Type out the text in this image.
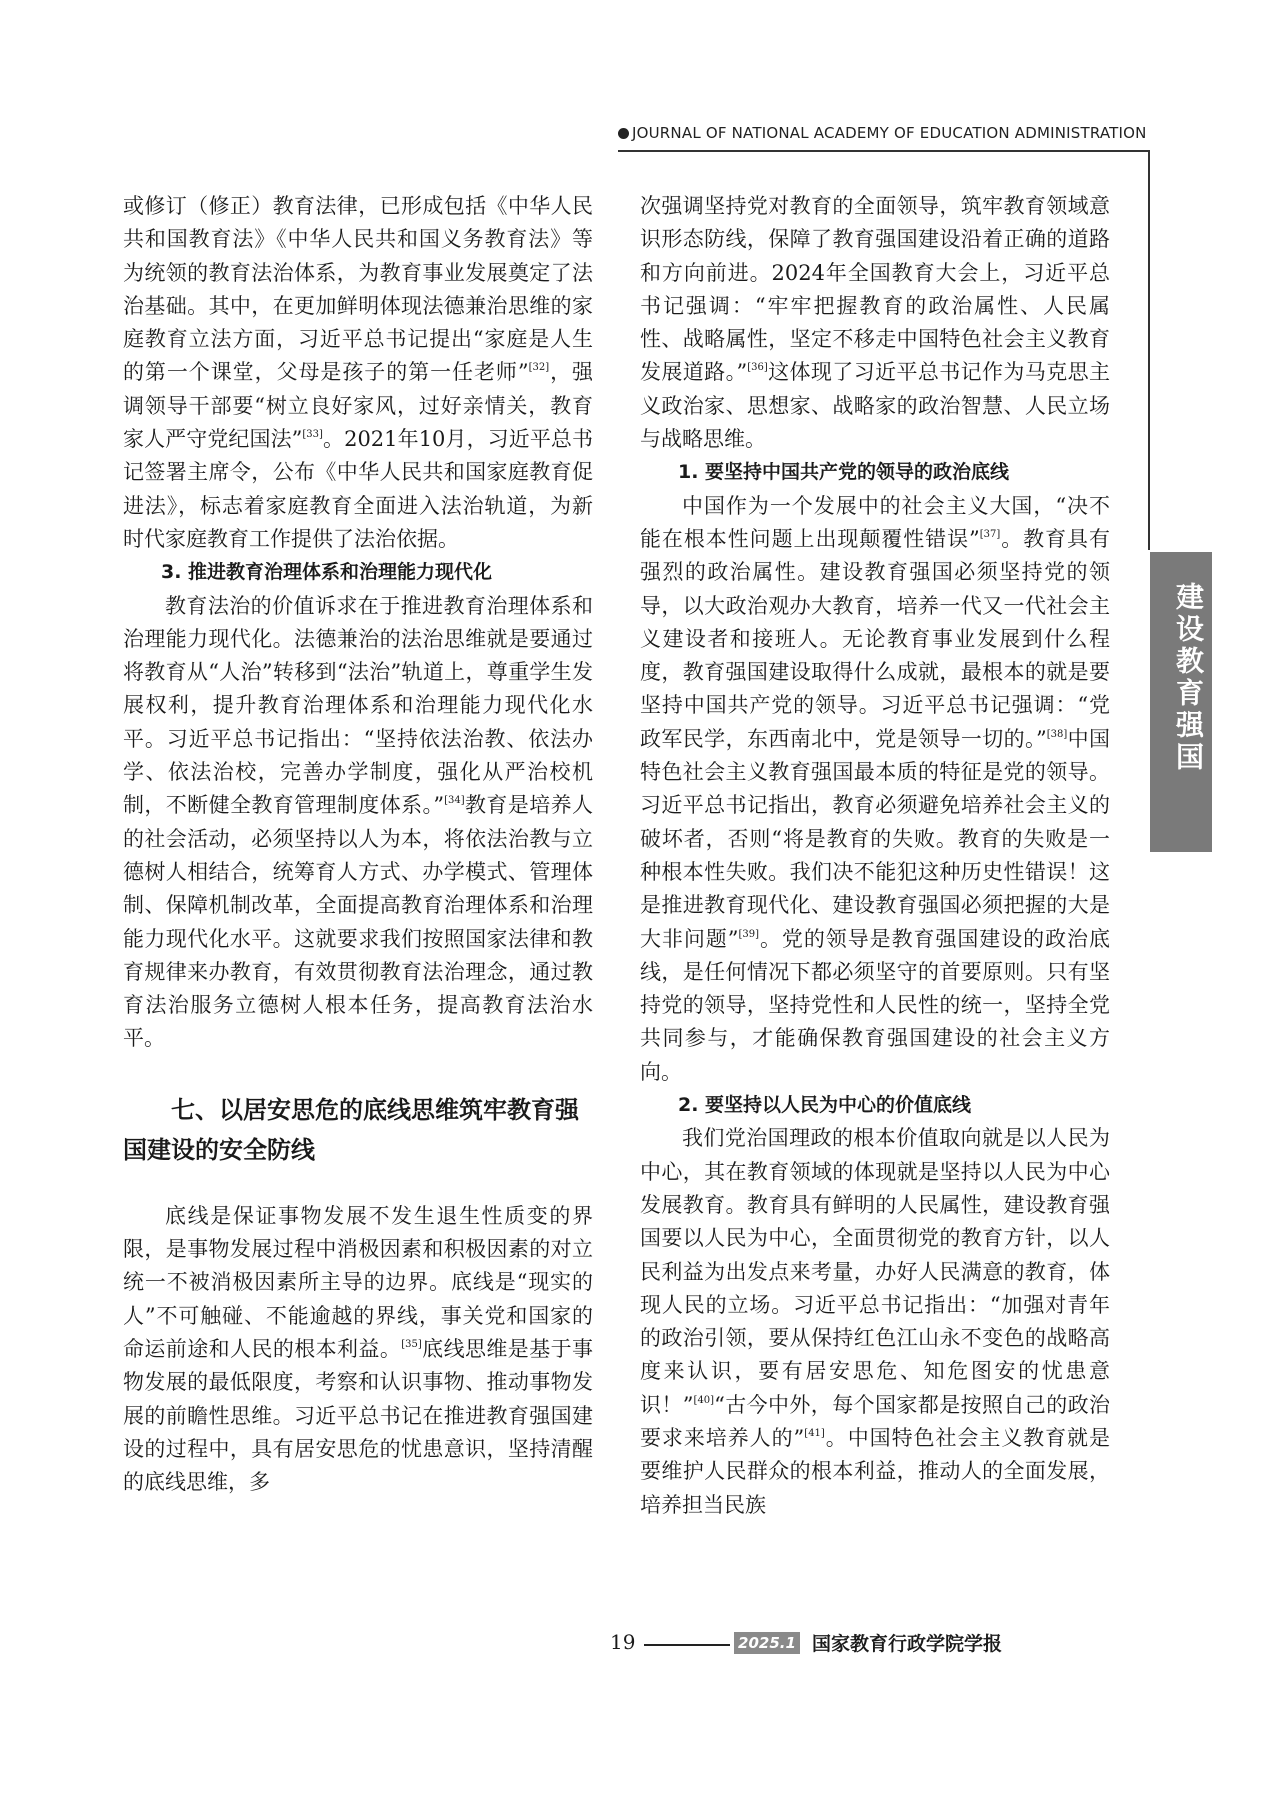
JOURNAL OF NATIONAL ACADEMY OF EDUCATION ADMINISTRATION
建设教育强国

或修订（修正）教育法律，已形成包括《中华人民共和国教育法》《中华人民共和国义务教育法》等为统领的教育法治体系，为教育事业发展奠定了法治基础。其中，在更加鲜明体现法德兼治思维的家庭教育立法方面，习近平总书记提出“家庭是人生的第一个课堂，父母是孩子的第一任老师”[32]，强调领导干部要“树立良好家风，过好亲情关，教育家人严守党纪国法”[33]。2021年10月，习近平总书记签署主席令，公布《中华人民共和国家庭教育促进法》，标志着家庭教育全面进入法治轨道，为新时代家庭教育工作提供了法治依据。

3. 推进教育治理体系和治理能力现代化

教育法治的价值诉求在于推进教育治理体系和治理能力现代化。法德兼治的法治思维就是要通过将教育从“人治”转移到“法治”轨道上，尊重学生发展权利，提升教育治理体系和治理能力现代化水平。习近平总书记指出：“坚持依法治教、依法办学、依法治校，完善办学制度，强化从严治校机制，不断健全教育管理制度体系。”[34]教育是培养人的社会活动，必须坚持以人为本，将依法治教与立德树人相结合，统筹育人方式、办学模式、管理体制、保障机制改革，全面提高教育治理体系和治理能力现代化水平。这就要求我们按照国家法律和教育规律来办教育，有效贯彻教育法治理念，通过教育法治服务立德树人根本任务，提高教育法治水平。

七、以居安思危的底线思维筑牢教育强国建设的安全防线

底线是保证事物发展不发生退生性质变的界限，是事物发展过程中消极因素和积极因素的对立统一不被消极因素所主导的边界。底线是“现实的人”不可触碰、不能逾越的界线，事关党和国家的命运前途和人民的根本利益。[35]底线思维是基于事物发展的最低限度，考察和认识事物、推动事物发展的前瞻性思维。习近平总书记在推进教育强国建设的过程中，具有居安思危的忧患意识，坚持清醒的底线思维，多

次强调坚持党对教育的全面领导，筑牢教育领域意识形态防线，保障了教育强国建设沿着正确的道路和方向前进。2024年全国教育大会上，习近平总书记强调：“牢牢把握教育的政治属性、人民属性、战略属性，坚定不移走中国特色社会主义教育发展道路。”[36]这体现了习近平总书记作为马克思主义政治家、思想家、战略家的政治智慧、人民立场与战略思维。

1. 要坚持中国共产党的领导的政治底线

中国作为一个发展中的社会主义大国，“决不能在根本性问题上出现颠覆性错误”[37]。教育具有强烈的政治属性。建设教育强国必须坚持党的领导，以大政治观办大教育，培养一代又一代社会主义建设者和接班人。无论教育事业发展到什么程度，教育强国建设取得什么成就，最根本的就是要坚持中国共产党的领导。习近平总书记强调：“党政军民学，东西南北中，党是领导一切的。”[38]中国特色社会主义教育强国最本质的特征是党的领导。习近平总书记指出，教育必须避免培养社会主义的破坏者，否则“将是教育的失败。教育的失败是一种根本性失败。我们决不能犯这种历史性错误！这是推进教育现代化、建设教育强国必须把握的大是大非问题”[39]。党的领导是教育强国建设的政治底线，是任何情况下都必须坚守的首要原则。只有坚持党的领导，坚持党性和人民性的统一，坚持全党共同参与，才能确保教育强国建设的社会主义方向。

2. 要坚持以人民为中心的价值底线

我们党治国理政的根本价值取向就是以人民为中心，其在教育领域的体现就是坚持以人民为中心发展教育。教育具有鲜明的人民属性，建设教育强国要以人民为中心，全面贯彻党的教育方针，以人民利益为出发点来考量，办好人民满意的教育，体现人民的立场。习近平总书记指出：“加强对青年的政治引领，要从保持红色江山永不变色的战略高度来认识，要有居安思危、知危图安的忧患意识！”[40]“古今中外，每个国家都是按照自己的政治要求来培养人的”[41]。中国特色社会主义教育就是要维护人民群众的根本利益，推动人的全面发展，培养担当民族

19	2025.1 国家教育行政学院学报
